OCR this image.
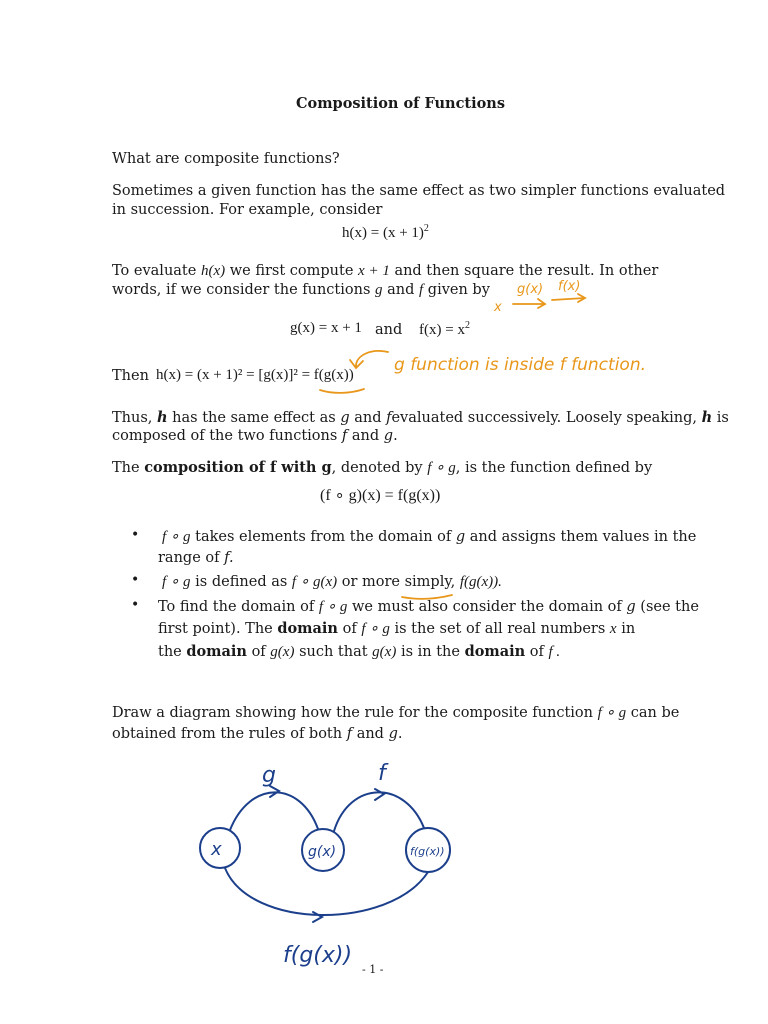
Composition of Functions
What are composite functions?
Sometimes a given function has the same effect as two simpler functions evaluated
in succession. For example, consider
$h(x) = (x + 1)^2$
To evaluate h(x) we first compute x + 1 and then square the result. In other
words, if we consider the functions g and f given by
g(x) = x + 1 and $f(x) = x^2$
Then h(x) = (x + 1)² = [g(x)]² = f(g(x))
Thus, h has the same effect as g and fevaluated successively. Loosely speaking, h is
composed of the two functions f and g.
The composition of f with g, denoted by f ∘ g, is the function defined by
(f ∘ g)(x) = f(g(x))
• f ∘ g takes elements from the domain of g and assigns them values in the
range of f.
• f ∘ g is defined as f ∘ g(x) or more simply, f(g(x)).
• To find the domain of f ∘ g we must also consider the domain of g (see the
first point). The domain of f ∘ g is the set of all real numbers x in
the domain of g(x) such that g(x) is in the domain of f .
Draw a diagram showing how the rule for the composite function f ∘ g can be
obtained from the rules of both f and g.
g(x) f(x)
x
g function is inside f function.
g	f
x	g(x)	f(g(x))
f(g(x))
- 1 -
